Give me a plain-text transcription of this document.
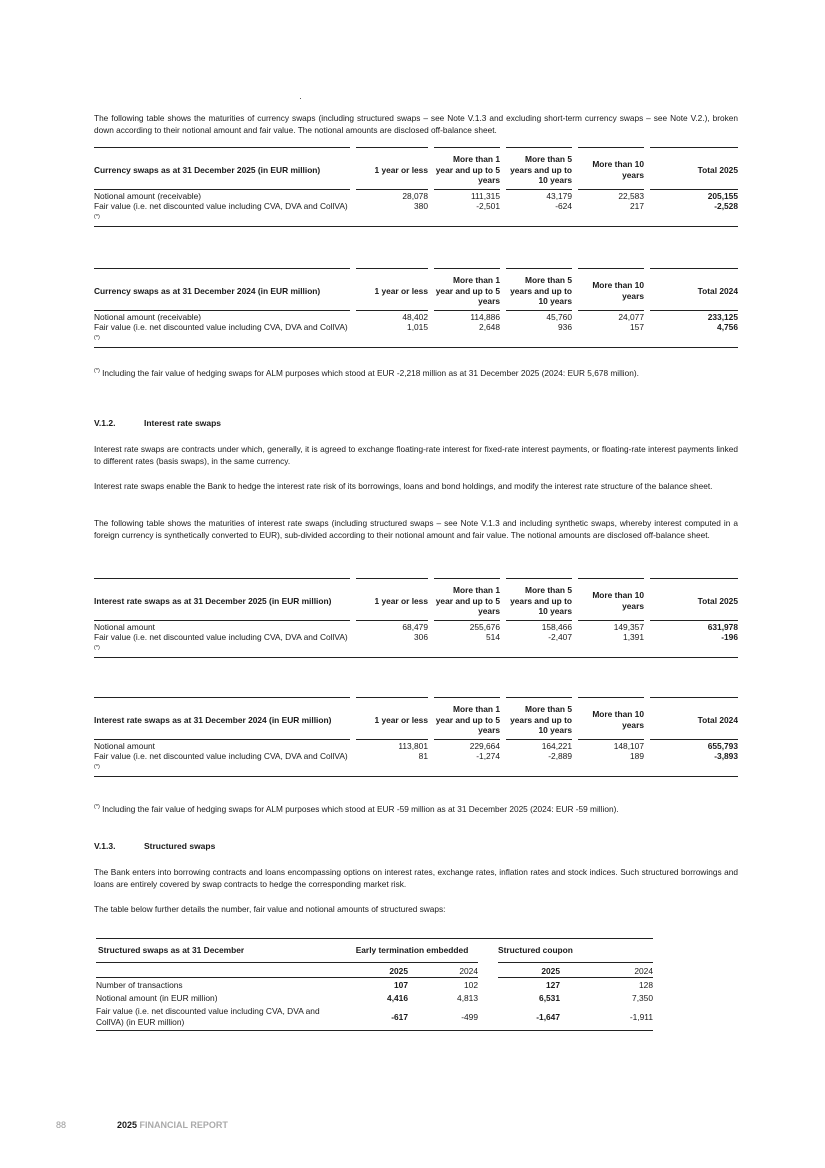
The following table shows the maturities of currency swaps (including structured swaps – see Note V.1.3 and excluding short-term currency swaps – see Note V.2.), broken down according to their notional amount and fair value. The notional amounts are disclosed off-balance sheet.

Currency swaps as at 31 December 2025 (in EUR million)		1 year or less		More than 1 year and up to 5 years		More than 5 years and up to 10 years		More than 10 years		Total 2025
Notional amount (receivable)		28,078		111,315		43,179		22,583		205,155
Fair value (i.e. net discounted value including CVA, DVA and CollVA)(*)		380		-2,501		-624		217		-2,528
Currency swaps as at 31 December 2024 (in EUR million)		1 year or less		More than 1 year and up to 5 years		More than 5 years and up to 10 years		More than 10 years		Total 2024
Notional amount (receivable)		48,402		114,886		45,760		24,077		233,125
Fair value (i.e. net discounted value including CVA, DVA and CollVA)(*)		1,015		2,648		936		157		4,756

(*) Including the fair value of hedging swaps for ALM purposes which stood at EUR -2,218 million as at 31 December 2025 (2024: EUR 5,678 million).

V.1.2.	Interest rate swaps

Interest rate swaps are contracts under which, generally, it is agreed to exchange floating-rate interest for fixed-rate interest payments, or floating-rate interest payments linked to different rates (basis swaps), in the same currency.

Interest rate swaps enable the Bank to hedge the interest rate risk of its borrowings, loans and bond holdings, and modify the interest rate structure of the balance sheet.

The following table shows the maturities of interest rate swaps (including structured swaps – see Note V.1.3 and including synthetic swaps, whereby interest computed in a foreign currency is synthetically converted to EUR), sub-divided according to their notional amount and fair value. The notional amounts are disclosed off-balance sheet.

Interest rate swaps as at 31 December 2025 (in EUR million)		1 year or less		More than 1 year and up to 5 years		More than 5 years and up to 10 years		More than 10 years		Total 2025
Notional amount		68,479		255,676		158,466		149,357		631,978
Fair value (i.e. net discounted value including CVA, DVA and CollVA)(*)		306		514		-2,407		1,391		-196
Interest rate swaps as at 31 December 2024 (in EUR million)		1 year or less		More than 1 year and up to 5 years		More than 5 years and up to 10 years		More than 10 years		Total 2024
Notional amount		113,801		229,664		164,221		148,107		655,793
Fair value (i.e. net discounted value including CVA, DVA and CollVA)(*)		81		-1,274		-2,889		189		-3,893

(*) Including the fair value of hedging swaps for ALM purposes which stood at EUR -59 million as at 31 December 2025 (2024: EUR -59 million).

V.1.3.	Structured swaps

The Bank enters into borrowing contracts and loans encompassing options on interest rates, exchange rates, inflation rates and stock indices. Such structured borrowings and loans are entirely covered by swap contracts to hedge the corresponding market risk.

The table below further details the number, fair value and notional amounts of structured swaps:

Structured swaps as at 31 December	Early termination embedded				Structured coupon		
	2025		2024		2025		2024
Number of transactions	107		102		127		128
Notional amount (in EUR million)	4,416		4,813		6,531		7,350
Fair value (i.e. net discounted value including CVA, DVA and CollVA) (in EUR million)	-617		-499		-1,647		-1,911
88	2025 FINANCIAL REPORT
